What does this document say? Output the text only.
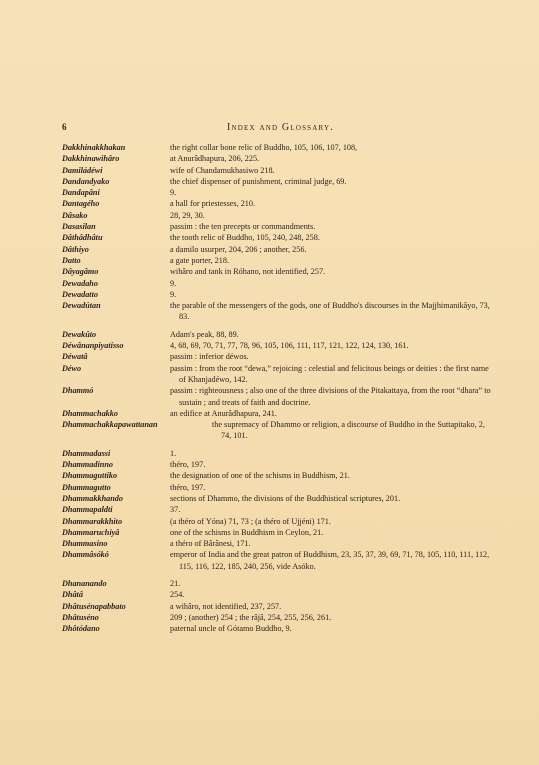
6	Index and Glossary.
Dakkhinakkhakan	the right collar bone relic of Buddho, 105, 106, 107, 108,
Dakkhinawihâro	at Anurâdhapura, 206, 225.
Damiládéwi	wife of Chandamukhasiwo 218.
Dandandyako	the chief dispenser of punishment, criminal judge, 69.
Dandapâni	9.
Dantagého	a hall for priestesses, 210.
Dâsako	28, 29, 30.
Dasasilan	passim : the ten precepts or commandments.
Dâthâdhâtu	the tooth relic of Buddho, 105, 240, 248, 258.
Dâthiyo	a damilo usurper, 204, 206 ; another, 256.
Datto	a gate porter, 218.
Dâyagâmo	wihâro and tank in Róhano, not identified, 257.
Dewadaho	9.
Dewadatto	9.
Dewadútan	the parable of the messengers of the gods, one of Buddho's discourses in the Majjhimanikâyo, 73, 83.
Dewakûto	Adam's peak, 88, 89.
Déwânanpiyatisso	4, 68, 69, 70, 71, 77, 78, 96, 105, 106, 111, 117, 121, 122, 124, 130, 161.
Déwatâ	passim : inferior déwos.
Déwo	passim : from the root “dewa,” rejoicing : celestial and felicitous beings or deities : the first name of Khanjadéwo, 142.
Dhammó	passim : righteousness ; also one of the three divisions of the Pitakattaya, from the root “dhara” to sustain ; and treats of faith and doctrine.
Dhammachakko	an edifice at Anurâdhapura, 241.
Dhammachakkapawattanan	the supremacy of Dhammo or religion, a discourse of Buddho in the Suttapitako, 2, 74, 101.
Dhammadassi	1.
Dhammadinno	théro, 197.
Dhammaguttiko	the designation of one of the schisms in Buddhism, 21.
Dhammagutto	théro, 197.
Dhammakkhando	sections of Dhammo, the divisions of the Buddhistical scriptures, 201.
Dhammapaldti	37.
Dhammarakkhito	(a théro of Yóna) 71, 73 ; (a théro of Ujjéni) 171.
Dhammaruchiyâ	one of the schisms in Buddhism in Ceylon, 21.
Dhammasino	a théro of Bârânesi, 171.
Dhammâsókó	emperor of India and the great patron of Buddhism, 23, 35, 37, 39, 69, 71, 78, 105, 110, 111, 112, 115, 116, 122, 185, 240, 256, vide Asóko.
Dhananando	21.
Dhâtâ	254.
Dhâtusénapabbato	a wihâro, not identified, 237, 257.
Dhâtuséno	209 ; (another) 254 ; the râjâ, 254, 255, 256, 261.
Dhôtódano	paternal uncle of Gótamo Buddho, 9.
